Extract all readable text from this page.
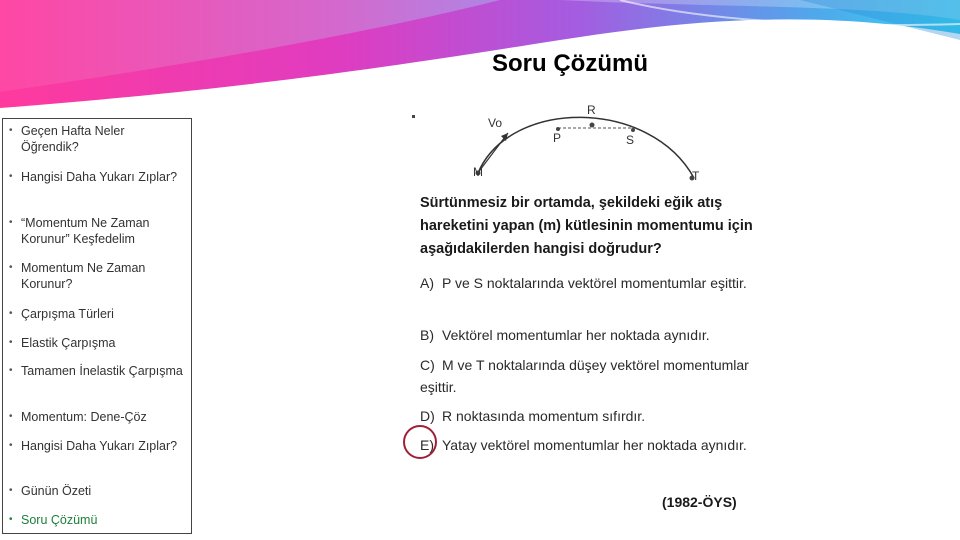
Soru Çözümü
• Geçen Hafta Neler Öğrendik?
• Hangisi Daha Yukarı Zıplar?
• “Momentum Ne Zaman Korunur” Keşfedelim
• Momentum Ne Zaman Korunur?
• Çarpışma Türleri
• Elastik Çarpışma
• Tamamen İnelastik Çarpışma
• Momentum: Dene-Çöz
• Hangisi Daha Yukarı Zıplar?
• Günün Özeti
• Soru Çözümü
Vo
R
P	S
M	T
Sürtünmesiz bir ortamda, şekildeki eğik atış hareketini yapan (m) kütlesinin momentumu için aşağıdakilerden hangisi doğrudur?
A) P ve S noktalarında vektörel momentumlar eşittir.
B) Vektörel momentumlar her noktada aynıdır.
C) M ve T noktalarında düşey vektörel momentumlar eşittir.
D) R noktasında momentum sıfırdır.
E) Yatay vektörel momentumlar her noktada aynıdır.
(1982-ÖYS)
